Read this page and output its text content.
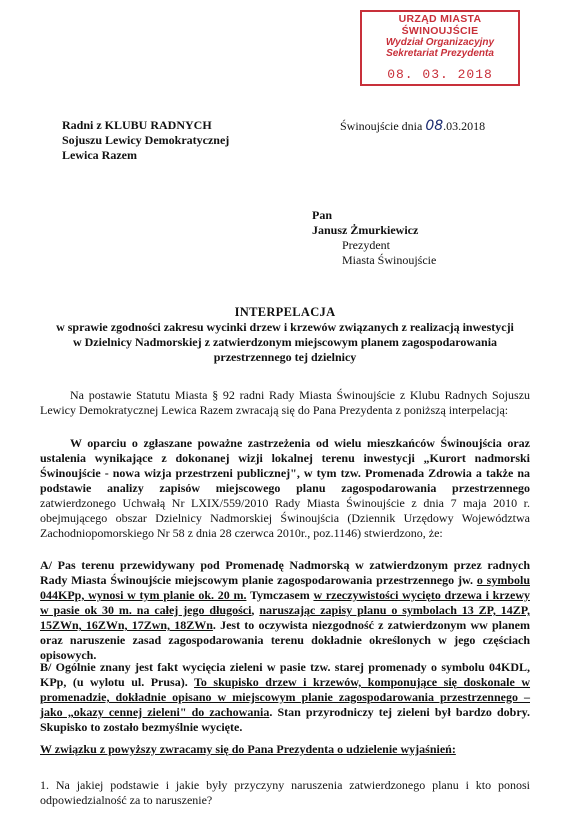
URZĄD MIASTA ŚWINOUJŚCIE
Wydział Organizacyjny
Sekretariat Prezydenta
08. 03. 2018
Radni z KLUBU RADNYCH
Sojuszu Lewicy Demokratycznej
Lewica Razem
Świnoujście dnia 08.03.2018
Pan
Janusz Żmurkiewicz
Prezydent
Miasta Świnoujście
INTERPELACJA
w sprawie zgodności zakresu wycinki drzew i krzewów związanych z realizacją inwestycji
w Dzielnicy Nadmorskiej z zatwierdzonym miejscowym planem zagospodarowania
przestrzennego tej dzielnicy
Na postawie Statutu Miasta § 92 radni Rady Miasta Świnoujście z Klubu Radnych Sojuszu Lewicy Demokratycznej Lewica Razem zwracają się do Pana Prezydenta z poniższą interpelacją:
W oparciu o zgłaszane poważne zastrzeżenia od wielu mieszkańców Świnoujścia oraz ustalenia wynikające z dokonanej wizji lokalnej terenu inwestycji „Kurort nadmorski Świnoujście - nowa wizja przestrzeni publicznej", w tym tzw. Promenada Zdrowia a także na podstawie analizy zapisów miejscowego planu zagospodarowania przestrzennego zatwierdzonego Uchwałą Nr LXIX/559/2010 Rady Miasta Świnoujście z dnia 7 maja 2010 r. obejmującego obszar Dzielnicy Nadmorskiej Świnoujścia (Dziennik Urzędowy Województwa Zachodniopomorskiego Nr 58 z dnia 28 czerwca 2010r., poz.1146) stwierdzono, że:
A/ Pas terenu przewidywany pod Promenadę Nadmorską w zatwierdzonym przez radnych Rady Miasta Świnoujście miejscowym planie zagospodarowania przestrzennego jw. o symbolu 044KPp, wynosi w tym planie ok. 20 m. Tymczasem w rzeczywistości wycięto drzewa i krzewy w pasie ok 30 m. na całej jego długości, naruszając zapisy planu o symbolach 13 ZP, 14ZP, 15ZWn, 16ZWn, 17Zwn, 18ZWn. Jest to oczywista niezgodność z zatwierdzonym ww planem oraz naruszenie zasad zagospodarowania terenu dokładnie określonych w jego częściach opisowych.
B/ Ogólnie znany jest fakt wycięcia zieleni w pasie tzw. starej promenady o symbolu 04KDL, KPp, (u wylotu ul. Prusa). To skupisko drzew i krzewów, komponujące się doskonale w promenadzie, dokładnie opisano w miejscowym planie zagospodarowania przestrzennego – jako „okazy cennej zieleni" do zachowania. Stan przyrodniczy tej zieleni był bardzo dobry. Skupisko to zostało bezmyślnie wycięte.
W związku z powyższy zwracamy się do Pana Prezydenta o udzielenie wyjaśnień:
1. Na jakiej podstawie i jakie były przyczyny naruszenia zatwierdzonego planu i kto ponosi odpowiedzialność za to naruszenie?
